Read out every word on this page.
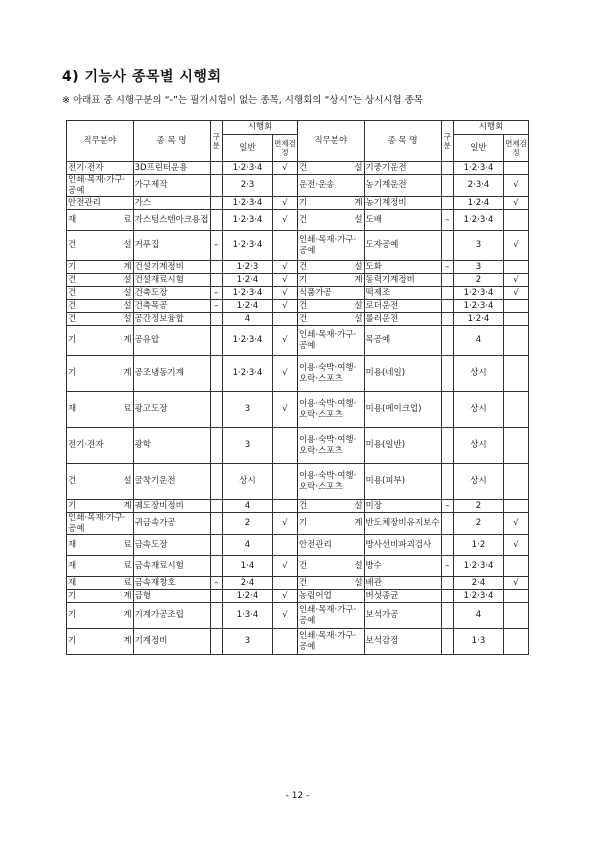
4) 기능사 종목별 시행회
※ 아래표 중 시행구분의 “-”는 필기시험이 없는 종목, 시행회의 “상시”는 상시시험 종목
직무분야	종 목 명	구분	시행회		직무분야	종 목 명	구분	시행회	
			일반	면제검정				일반	면제검정
전기·전자	3D프린터운용		1·2·3·4	√	건 설	기중기운전		1·2·3·4	
인쇄·목재·가구·공예	가구제작		2·3		운전·운송	농기계운전		2·3·4	√
안전관리	가스		1·2·3·4	√	기 계	농기계정비		1·2·4	√
재 료	가스텅스텐아크용접		1·2·3·4	√	건 설	도배	–	1·2·3·4	
건 설	거푸집	–	1·2·3·4		인쇄·목재·가구·공예	도자공예		3	√
기 계	건설기계정비		1·2·3	√	건 설	도화	–	3	
건 설	건설재료시험		1·2·4	√	기 계	동력기계정비		2	√
건 설	건축도장	–	1·2·3·4	√	식품가공	떡제조		1·2·3·4	√
건 설	건축목공	–	1·2·4	√	건 설	로더운전		1·2·3·4	
건 설	공간정보융합		4		건 설	롤러운전		1·2·4	
기 계	공유압		1·2·3·4	√	인쇄·목재·가구·공예	목공예		4	
기 계	공조냉동기계		1·2·3·4	√	이용·숙박·여행·오락·스포츠	미용(네일)		상시	
재 료	광고도장		3	√	이용·숙박·여행·오락·스포츠	미용(메이크업)		상시	
전기·전자	광학		3		이용·숙박·여행·오락·스포츠	미용(일반)		상시	
건 설	굴착기운전		상시		이용·숙박·여행·오락·스포츠	미용(피부)		상시	
기 계	궤도장비정비		4		건 설	미장	–	2	
인쇄·목재·가구·공예	귀금속가공		2	√	기 계	반도체장비유지보수		2	√
재 료	금속도장		4		안전관리	방사선비파괴검사		1·2	√
재 료	금속재료시험		1·4	√	건 설	방수	–	1·2·3·4	
재 료	금속재창호	–	2·4		건 설	배관		2·4	√
기 계	금형		1·2·4	√	농림어업	버섯종균		1·2·3·4	
기 계	기계가공조립		1·3·4	√	인쇄·목재·가구·공예	보석가공		4	
기 계	기계정비		3		인쇄·목재·가구·공예	보석감정		1·3	
- 12 -
